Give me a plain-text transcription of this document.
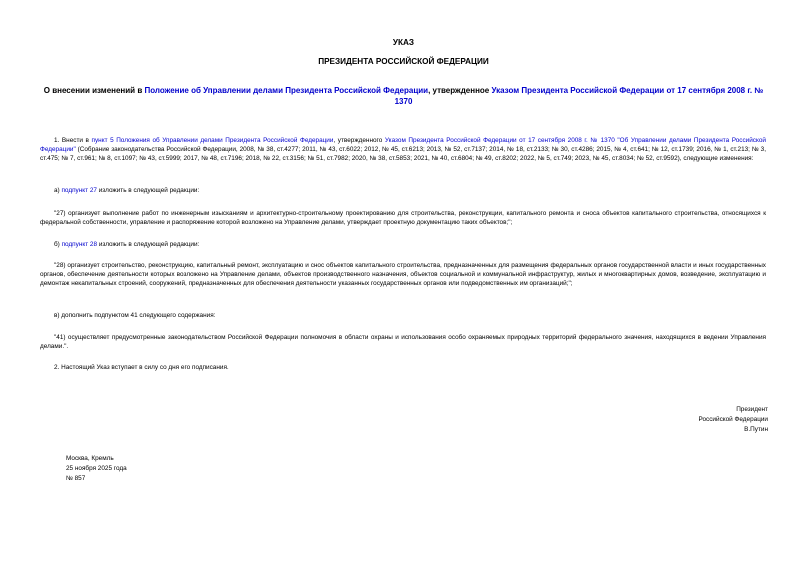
УКАЗ
ПРЕЗИДЕНТА РОССИЙСКОЙ ФЕДЕРАЦИИ
О внесении изменений в Положение об Управлении делами Президента Российской Федерации, утвержденное Указом Президента Российской Федерации от 17 сентября 2008 г. № 1370
1. Внести в пункт 5 Положения об Управлении делами Президента Российской Федерации, утвержденного Указом Президента Российской Федерации от 17 сентября 2008 г. № 1370 "Об Управлении делами Президента Российской Федерации" (Собрание законодательства Российской Федерации, 2008, № 38, ст.4277; 2011, № 43, ст.6022; 2012, № 45, ст.6213; 2013, № 52, ст.7137; 2014, № 18, ст.2133; № 30, ст.4286; 2015, № 4, ст.641; № 12, ст.1739; 2016, № 1, ст.213; № 3, ст.475; № 7, ст.961; № 8, ст.1097; № 43, ст.5999; 2017, № 48, ст.7196; 2018, № 22, ст.3156; № 51, ст.7982; 2020, № 38, ст.5853; 2021, № 40, ст.6804; № 49, ст.8202; 2022, № 5, ст.749; 2023, № 45, ст.8034; № 52, ст.9592), следующие изменения:
а) подпункт 27 изложить в следующей редакции:
"27) организует выполнение работ по инженерным изысканиям и архитектурно-строительному проектированию для строительства, реконструкции, капитального ремонта и сноса объектов капитального строительства, относящихся к федеральной собственности, управление и распоряжение которой возложено на Управление делами, утверждает проектную документацию таких объектов;";
б) подпункт 28 изложить в следующей редакции:
"28) организует строительство, реконструкцию, капитальный ремонт, эксплуатацию и снос объектов капитального строительства, предназначенных для размещения федеральных органов государственной власти и иных государственных органов, обеспечение деятельности которых возложено на Управление делами, объектов производственного назначения, объектов социальной и коммунальной инфраструктур, жилых и многоквартирных домов, возведение, эксплуатацию и демонтаж некапитальных строений, сооружений, предназначенных для обеспечения деятельности указанных государственных органов или подведомственных им организаций;";
в) дополнить подпунктом 41 следующего содержания:
"41) осуществляет предусмотренные законодательством Российской Федерации полномочия в области охраны и использования особо охраняемых природных территорий федерального значения, находящихся в ведении Управления делами.".
2. Настоящий Указ вступает в силу со дня его подписания.
Президент
Российской Федерации
В.Путин
Москва, Кремль
25 ноября 2025 года
№ 857
